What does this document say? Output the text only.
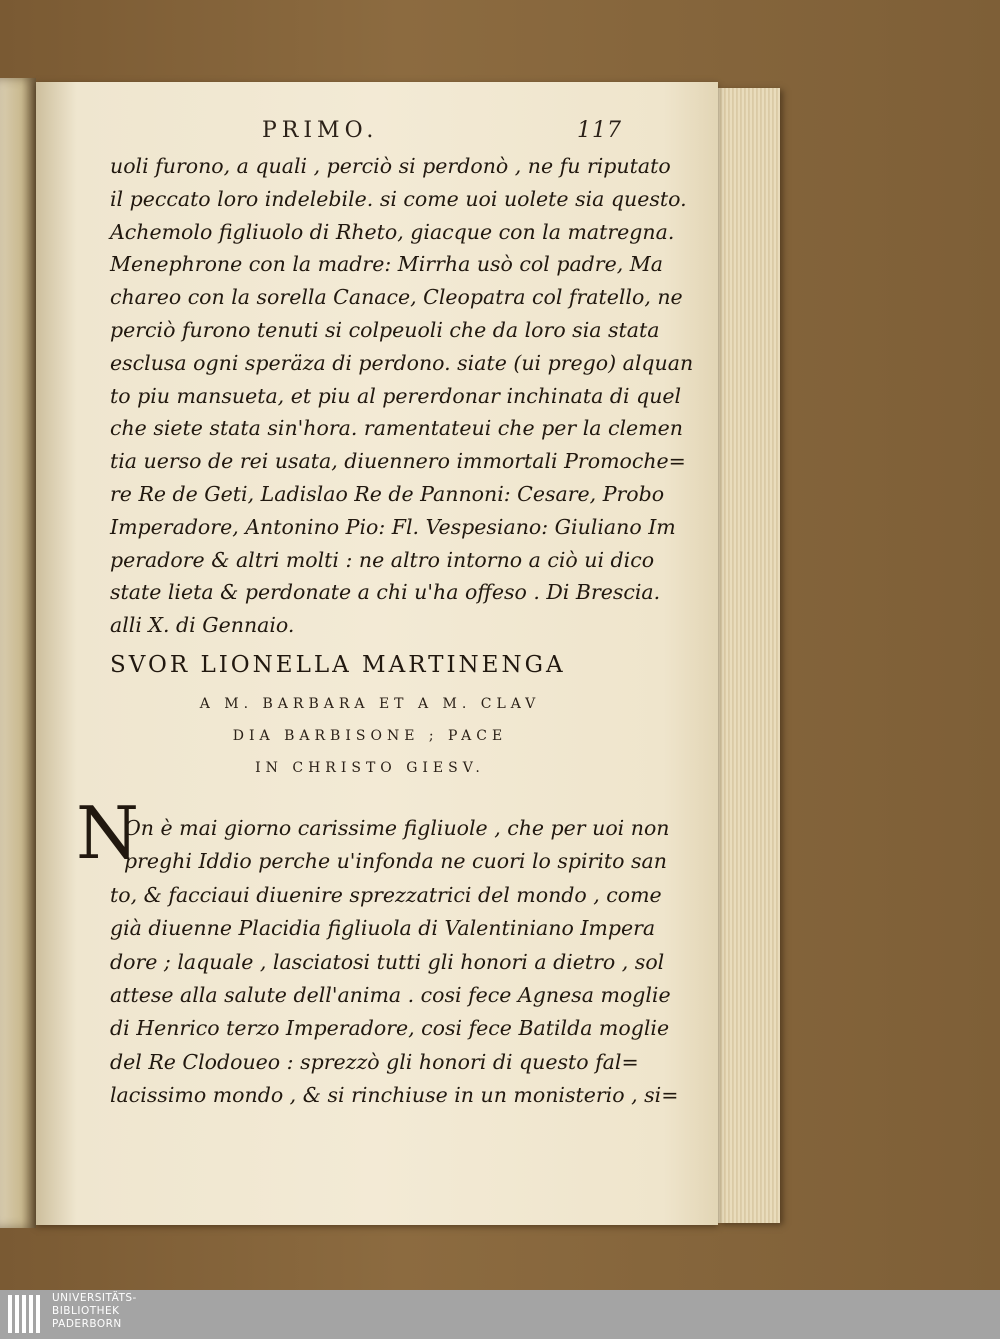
PRIMO.	117
uoli furono, a quali , perciò si perdonò , ne fu riputato
il peccato loro indelebile. si come uoi uolete sia questo.
Achemolo figliuolo di Rheto, giacque con la matregna.
Menephrone con la madre: Mirrha usò col padre, Ma
chareo con la sorella Canace, Cleopatra col fratello, ne
perciò furono tenuti si colpeuoli che da loro sia stata
esclusa ogni speräza di perdono. siate (ui prego) alquan
to piu mansueta, et piu al pererdonar inchinata di quel
che siete stata sin'hora. ramentateui che per la clemen
tia uerso de rei usata, diuennero immortali Promoche=
re Re de Geti, Ladislao Re de Pannoni: Cesare, Probo
Imperadore, Antonino Pio: Fl. Vespesiano: Giuliano Im
peradore & altri molti : ne altro intorno a ciò ui dico
state lieta & perdonate a chi u'ha offeso . Di Brescia.
alli X. di Gennaio.
SVOR LIONELLA MARTINENGA
A M. BARBARA ET A M. CLAV
DIA BARBISONE ; PACE
IN CHRISTO GIESV.
N
On è mai giorno carissime figliuole , che per uoi non
preghi Iddio perche u'infonda ne cuori lo spirito san
to, & facciaui diuenire sprezzatrici del mondo , come
già diuenne Placidia figliuola di Valentiniano Impera
dore ; laquale , lasciatosi tutti gli honori a dietro , sol
attese alla salute dell'anima . cosi fece Agnesa moglie
di Henrico terzo Imperadore, cosi fece Batilda moglie
del Re Clodoueo : sprezzò gli honori di questo fal=
lacissimo mondo , & si rinchiuse in un monisterio , si=
UNIVERSITÄTS-
BIBLIOTHEK
PADERBORN
